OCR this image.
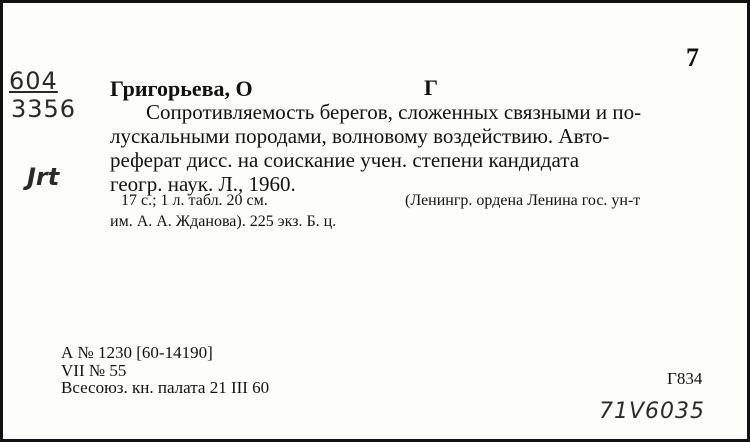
604
3356
Jrt
7
Григорьева, О	Г
Сопротивляемость берегов, сложенных связными и по-
лускальными породами, волновому воздействию. Авто-
реферат дисс. на соискание учен. степени кандидата
геогр. наук. Л., 1960.
17 с.; 1 л. табл. 20 см.	(Ленингр. ордена Ленина гос. ун-т
им. А. А. Жданова). 225 экз. Б. ц.
А № 1230 [60-14190]
VII № 55
Всесоюз. кн. палата 21 III 60	Г834
71V6035
